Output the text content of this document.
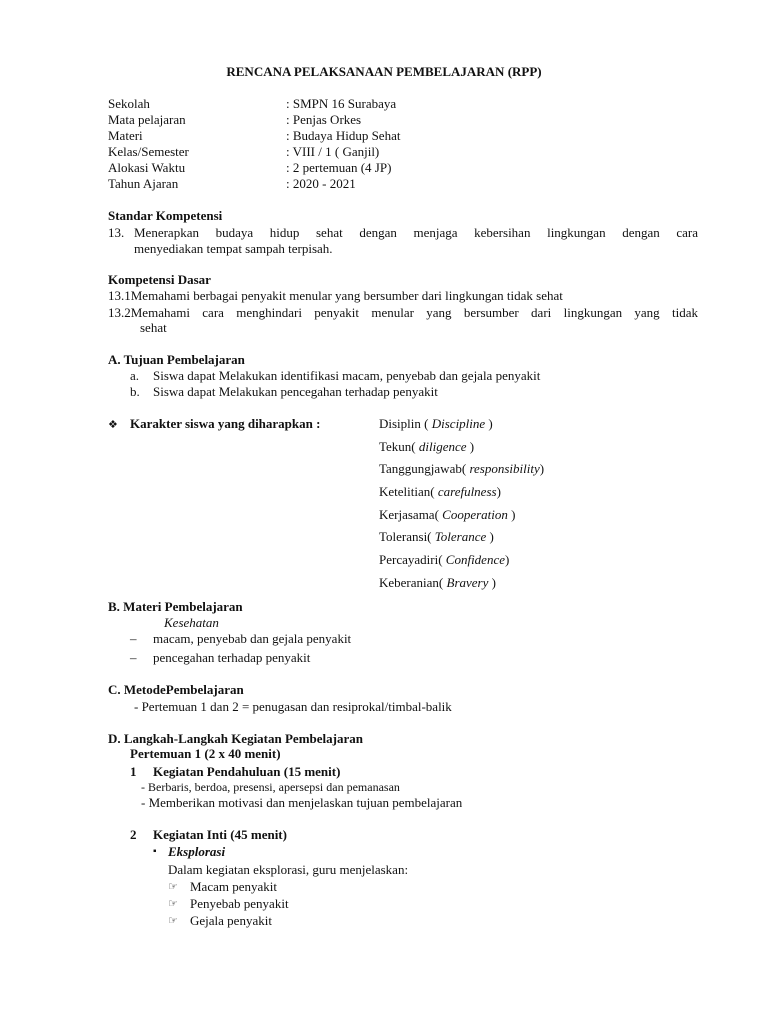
RENCANA PELAKSANAAN PEMBELAJARAN (RPP)
Sekolah	: SMPN 16 Surabaya
Mata pelajaran	: Penjas Orkes
Materi	: Budaya Hidup Sehat
Kelas/Semester	: VIII / 1 ( Ganjil)
Alokasi Waktu	: 2 pertemuan (4 JP)
Tahun Ajaran	: 2020 - 2021
Standar Kompetensi
13. Menerapkan budaya hidup sehat dengan menjaga kebersihan lingkungan dengan cara
menyediakan tempat sampah terpisah.
Kompetensi Dasar
13.1Memahami berbagai penyakit menular yang bersumber dari lingkungan tidak sehat
13.2Memahami cara menghindari penyakit menular yang bersumber dari lingkungan yang tidak
sehat
A. Tujuan Pembelajaran
a. Siswa dapat Melakukan identifikasi macam, penyebab dan gejala penyakit
b. Siswa dapat Melakukan pencegahan terhadap penyakit
❖ Karakter siswa yang diharapkan :	Disiplin ( Discipline )
Tekun( diligence )
Tanggungjawab( responsibility)
Ketelitian( carefulness)
Kerjasama( Cooperation )
Toleransi( Tolerance )
Percayadiri( Confidence)
Keberanian( Bravery )
B. Materi Pembelajaran
Kesehatan
– macam, penyebab dan gejala penyakit
– pencegahan terhadap penyakit
C. MetodePembelajaran
- Pertemuan 1 dan 2 = penugasan dan resiprokal/timbal-balik
D. Langkah-Langkah Kegiatan Pembelajaran
Pertemuan 1 (2 x 40 menit)
1 Kegiatan Pendahuluan (15 menit)
- Berbaris, berdoa, presensi, apersepsi dan pemanasan
- Memberikan motivasi dan menjelaskan tujuan pembelajaran
2 Kegiatan Inti (45 menit)
▪ Eksplorasi
Dalam kegiatan eksplorasi, guru menjelaskan:
☞ Macam penyakit
☞ Penyebab penyakit
☞ Gejala penyakit
